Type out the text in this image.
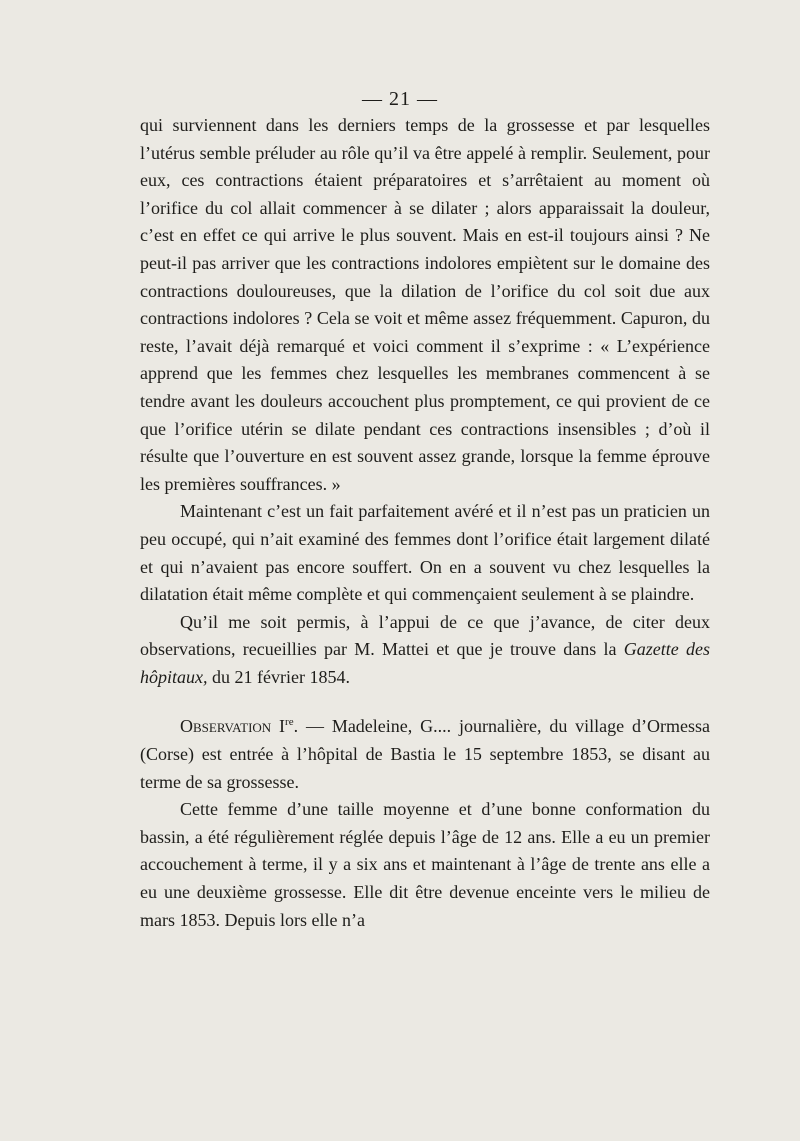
— 21 —

qui surviennent dans les derniers temps de la grossesse et par lesquelles l’utérus semble préluder au rôle qu’il va être appelé à remplir. Seulement, pour eux, ces contractions étaient préparatoires et s’arrêtaient au moment où l’orifice du col allait commencer à se dilater ; alors apparaissait la douleur, c’est en effet ce qui arrive le plus souvent. Mais en est-il toujours ainsi ? Ne peut-il pas arriver que les contractions indolores empiètent sur le domaine des contractions douloureuses, que la dilation de l’orifice du col soit due aux contractions indolores ? Cela se voit et même assez fréquemment. Capuron, du reste, l’avait déjà remarqué et voici comment il s’exprime : « L’expérience apprend que les femmes chez lesquelles les membranes commencent à se tendre avant les douleurs accouchent plus promptement, ce qui provient de ce que l’orifice utérin se dilate pendant ces contractions insensibles ; d’où il résulte que l’ouverture en est souvent assez grande, lorsque la femme éprouve les premières souffrances. »

Maintenant c’est un fait parfaitement avéré et il n’est pas un praticien un peu occupé, qui n’ait examiné des femmes dont l’orifice était largement dilaté et qui n’avaient pas encore souffert. On en a souvent vu chez lesquelles la dilatation était même complète et qui commençaient seulement à se plaindre.

Qu’il me soit permis, à l’appui de ce que j’avance, de citer deux observations, recueillies par M. Mattei et que je trouve dans la Gazette des hôpitaux, du 21 février 1854.

Observation Ire. — Madeleine, G.... journalière, du village d’Ormessa (Corse) est entrée à l’hôpital de Bastia le 15 septembre 1853, se disant au terme de sa grossesse.

Cette femme d’une taille moyenne et d’une bonne conformation du bassin, a été régulièrement réglée depuis l’âge de 12 ans. Elle a eu un premier accouchement à terme, il y a six ans et maintenant à l’âge de trente ans elle a eu une deuxième grossesse. Elle dit être devenue enceinte vers le milieu de mars 1853. Depuis lors elle n’a
